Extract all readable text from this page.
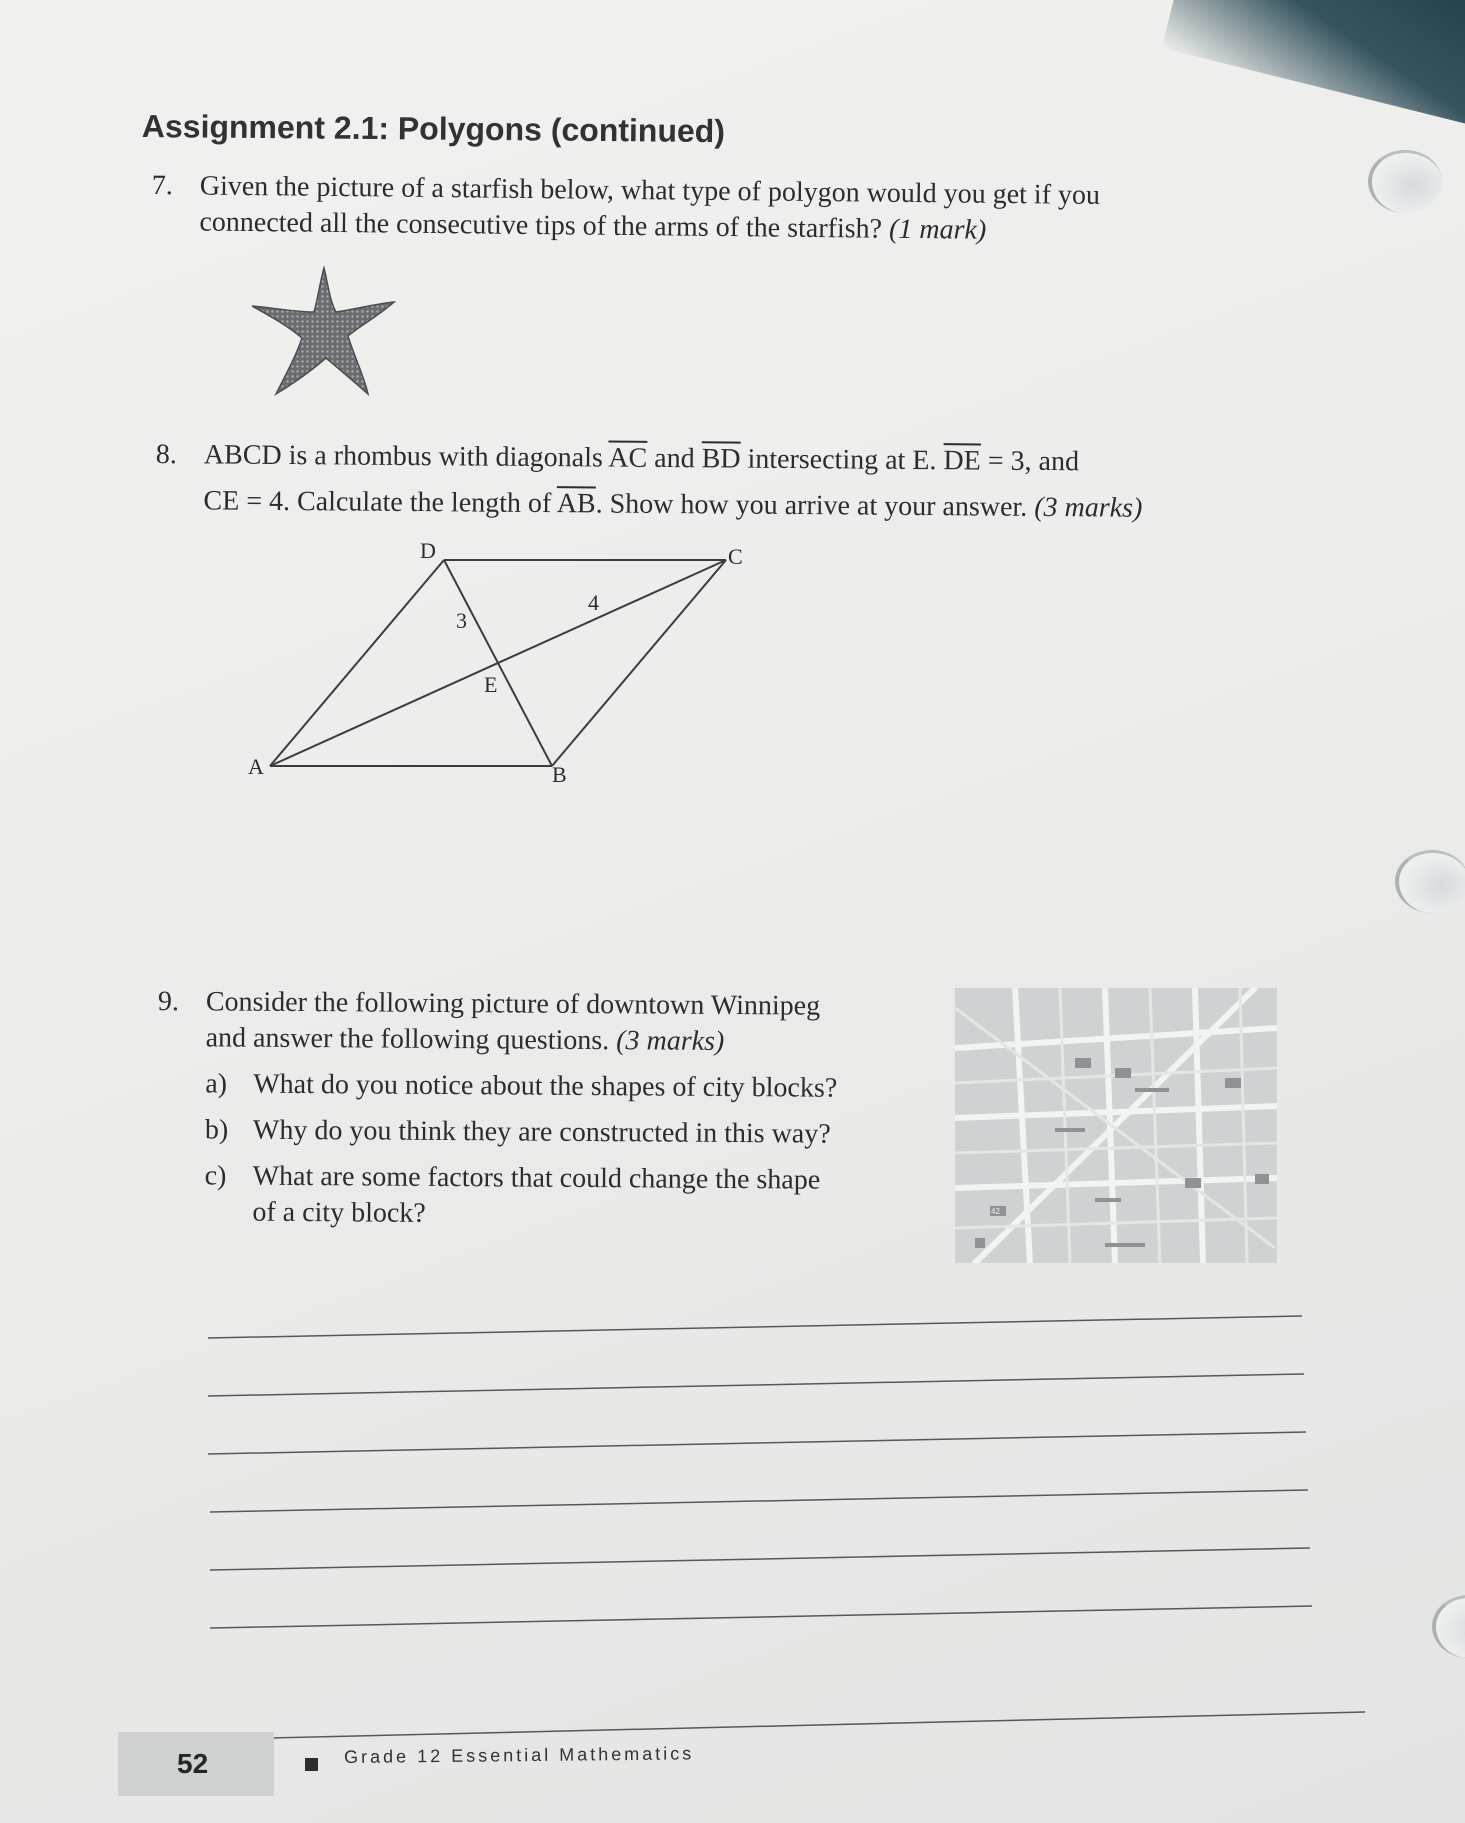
Assignment 2.1: Polygons (continued)
7. Given the picture of a starfish below, what type of polygon would you get if you
connected all the consecutive tips of the arms of the starfish? (1 mark)
8. ABCD is a rhombus with diagonals $\overline{AC}$ and $\overline{BD}$ intersecting at E. $\overline{DE} = 3$, and
CE = 4. Calculate the length of $\overline{AB}$. Show how you arrive at your answer. (3 marks)
A	B
C
D
E
3
4
9. Consider the following picture of downtown Winnipeg
and answer the following questions. (3 marks)
a) What do you notice about the shapes of city blocks?
b) Why do you think they are constructed in this way?
c) What are some factors that could change the shape
of a city block?	42
52	Grade 12 Essential Mathematics
